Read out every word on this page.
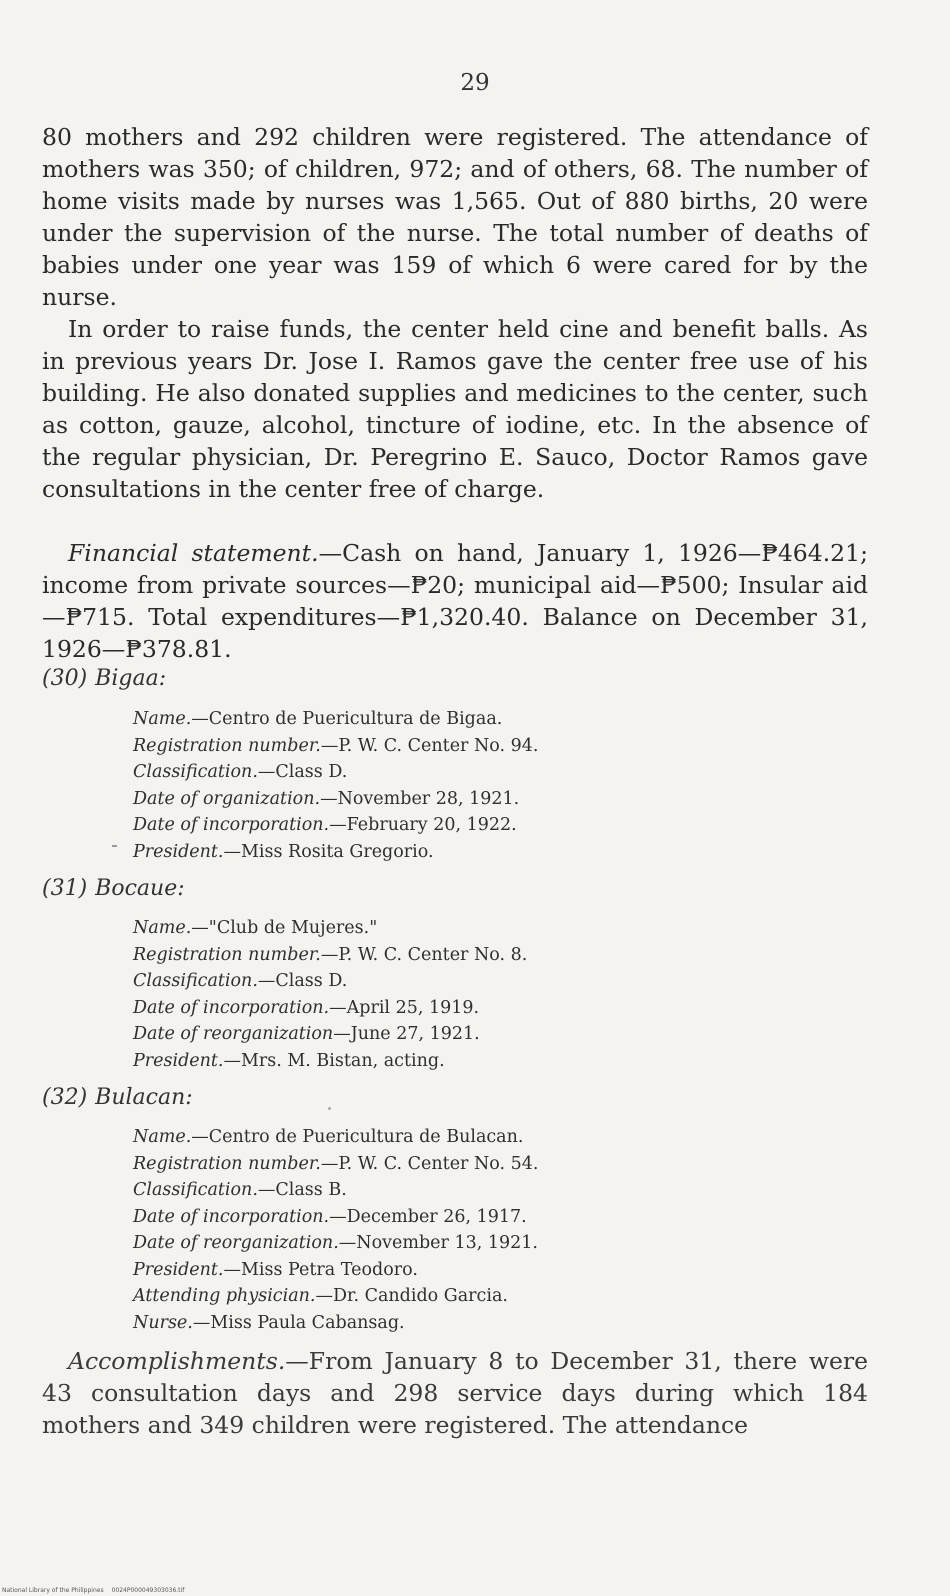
29

80 mothers and 292 children were registered. The attendance of mothers was 350; of children, 972; and of others, 68. The number of home visits made by nurses was 1,565. Out of 880 births, 20 were under the supervision of the nurse. The total number of deaths of babies under one year was 159 of which 6 were cared for by the nurse.

In order to raise funds, the center held cine and benefit balls. As in previous years Dr. Jose I. Ramos gave the center free use of his building. He also donated supplies and medicines to the center, such as cotton, gauze, alcohol, tincture of iodine, etc. In the absence of the regular physician, Dr. Peregrino E. Sauco, Doctor Ramos gave consultations in the center free of charge.

Financial statement.—Cash on hand, January 1, 1926—₱464.21; income from private sources—₱20; municipal aid—₱500; Insular aid—₱715. Total expenditures—₱1,320.40. Balance on December 31, 1926—₱378.81.

(30) Bigaa:
Name.—Centro de Puericultura de Bigaa.
Registration number.—P. W. C. Center No. 94.
Classification.—Class D.
Date of organization.—November 28, 1921.
Date of incorporation.—February 20, 1922.
President.—Miss Rosita Gregorio.
(31) Bocaue:
Name.—"Club de Mujeres."
Registration number.—P. W. C. Center No. 8.
Classification.—Class D.
Date of incorporation.—April 25, 1919.
Date of reorganization—June 27, 1921.
President.—Mrs. M. Bistan, acting.
(32) Bulacan:
Name.—Centro de Puericultura de Bulacan.
Registration number.—P. W. C. Center No. 54.
Classification.—Class B.
Date of incorporation.—December 26, 1917.
Date of reorganization.—November 13, 1921.
President.—Miss Petra Teodoro.
Attending physician.—Dr. Candido Garcia.
Nurse.—Miss Paula Cabansag.

Accomplishments.—From January 8 to December 31, there were 43 consultation days and 298 service days during which 184 mothers and 349 children were registered. The attendance

National Library of the Philippines 0024P000049303036.tif
